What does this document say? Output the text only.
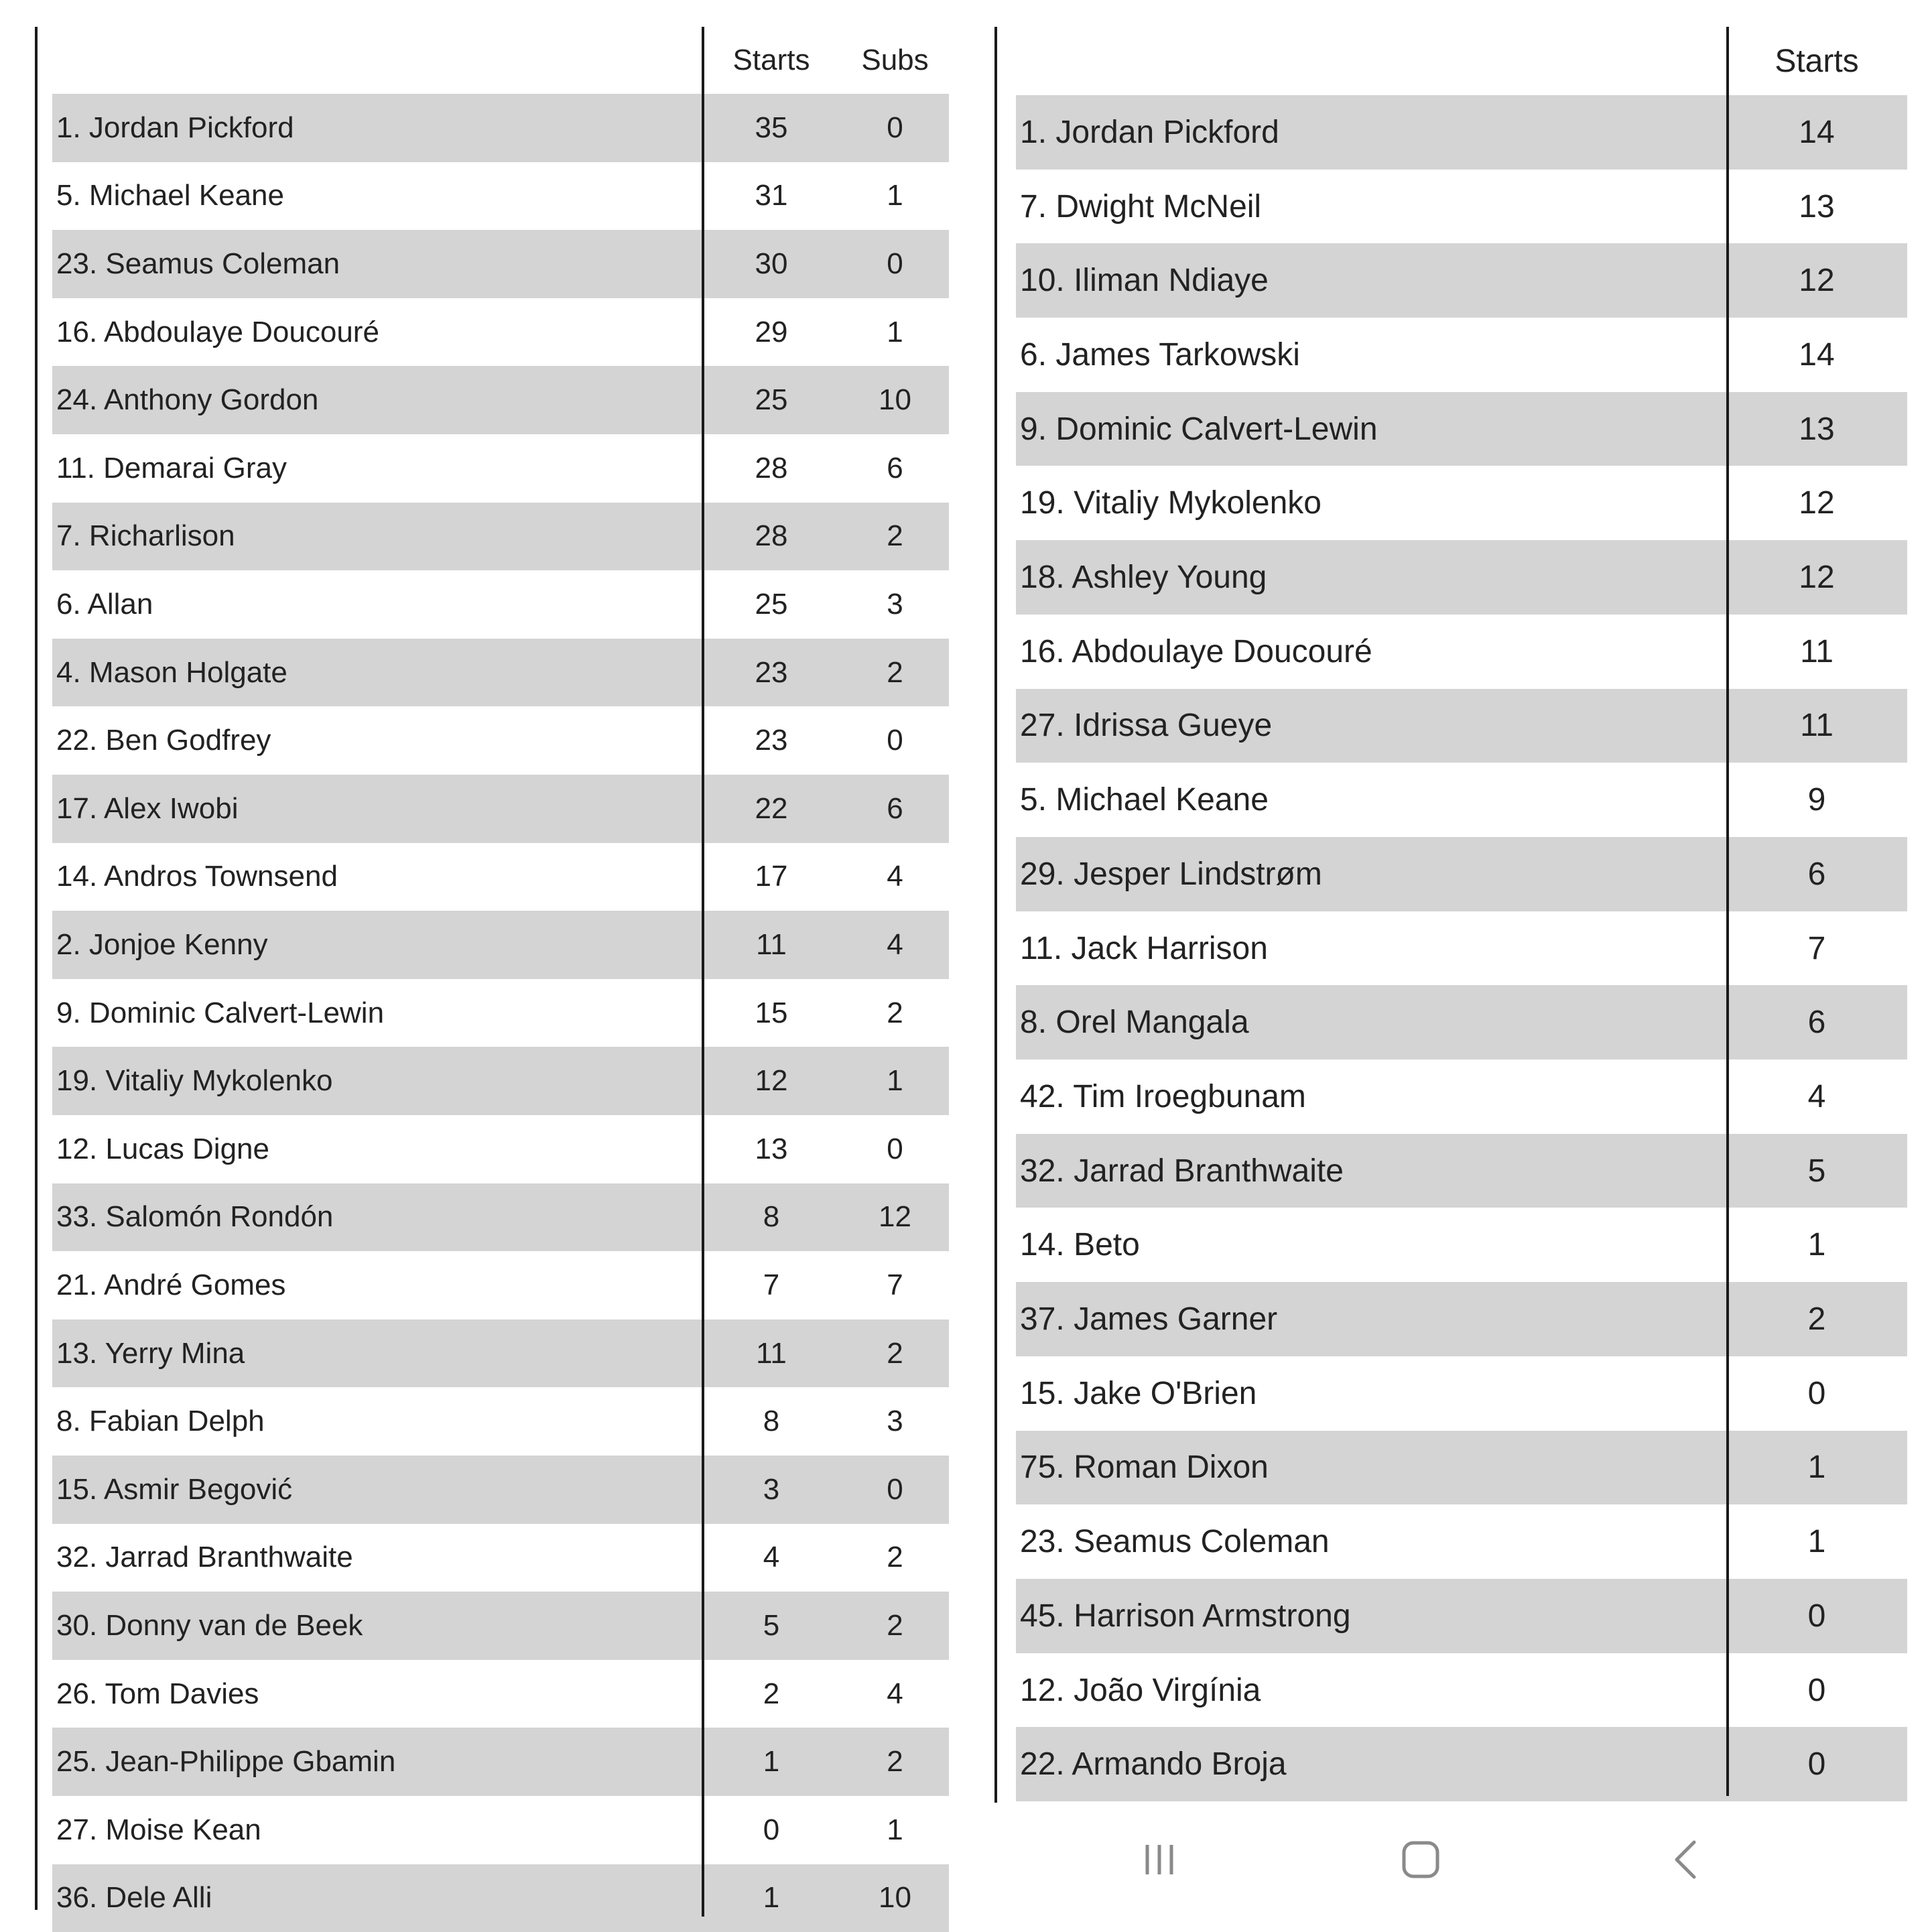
Starts	Subs
1. Jordan Pickford	35	0
5. Michael Keane	31	1
23. Seamus Coleman	30	0
16. Abdoulaye Doucouré	29	1
24. Anthony Gordon	25	10
11. Demarai Gray	28	6
7. Richarlison	28	2
6. Allan	25	3
4. Mason Holgate	23	2
22. Ben Godfrey	23	0
17. Alex Iwobi	22	6
14. Andros Townsend	17	4
2. Jonjoe Kenny	11	4
9. Dominic Calvert-Lewin	15	2
19. Vitaliy Mykolenko	12	1
12. Lucas Digne	13	0
33. Salomón Rondón	8	12
21. André Gomes	7	7
13. Yerry Mina	11	2
8. Fabian Delph	8	3
15. Asmir Begović	3	0
32. Jarrad Branthwaite	4	2
30. Donny van de Beek	5	2
26. Tom Davies	2	4
25. Jean-Philippe Gbamin	1	2
27. Moise Kean	0	1
36. Dele Alli	1	10
Starts
1. Jordan Pickford	14
7. Dwight McNeil	13
10. Iliman Ndiaye	12
6. James Tarkowski	14
9. Dominic Calvert-Lewin	13
19. Vitaliy Mykolenko	12
18. Ashley Young	12
16. Abdoulaye Doucouré	11
27. Idrissa Gueye	11
5. Michael Keane	9
29. Jesper Lindstrøm	6
11. Jack Harrison	7
8. Orel Mangala	6
42. Tim Iroegbunam	4
32. Jarrad Branthwaite	5
14. Beto	1
37. James Garner	2
15. Jake O'Brien	0
75. Roman Dixon	1
23. Seamus Coleman	1
45. Harrison Armstrong	0
12. João Virgínia	0
22. Armando Broja	0
